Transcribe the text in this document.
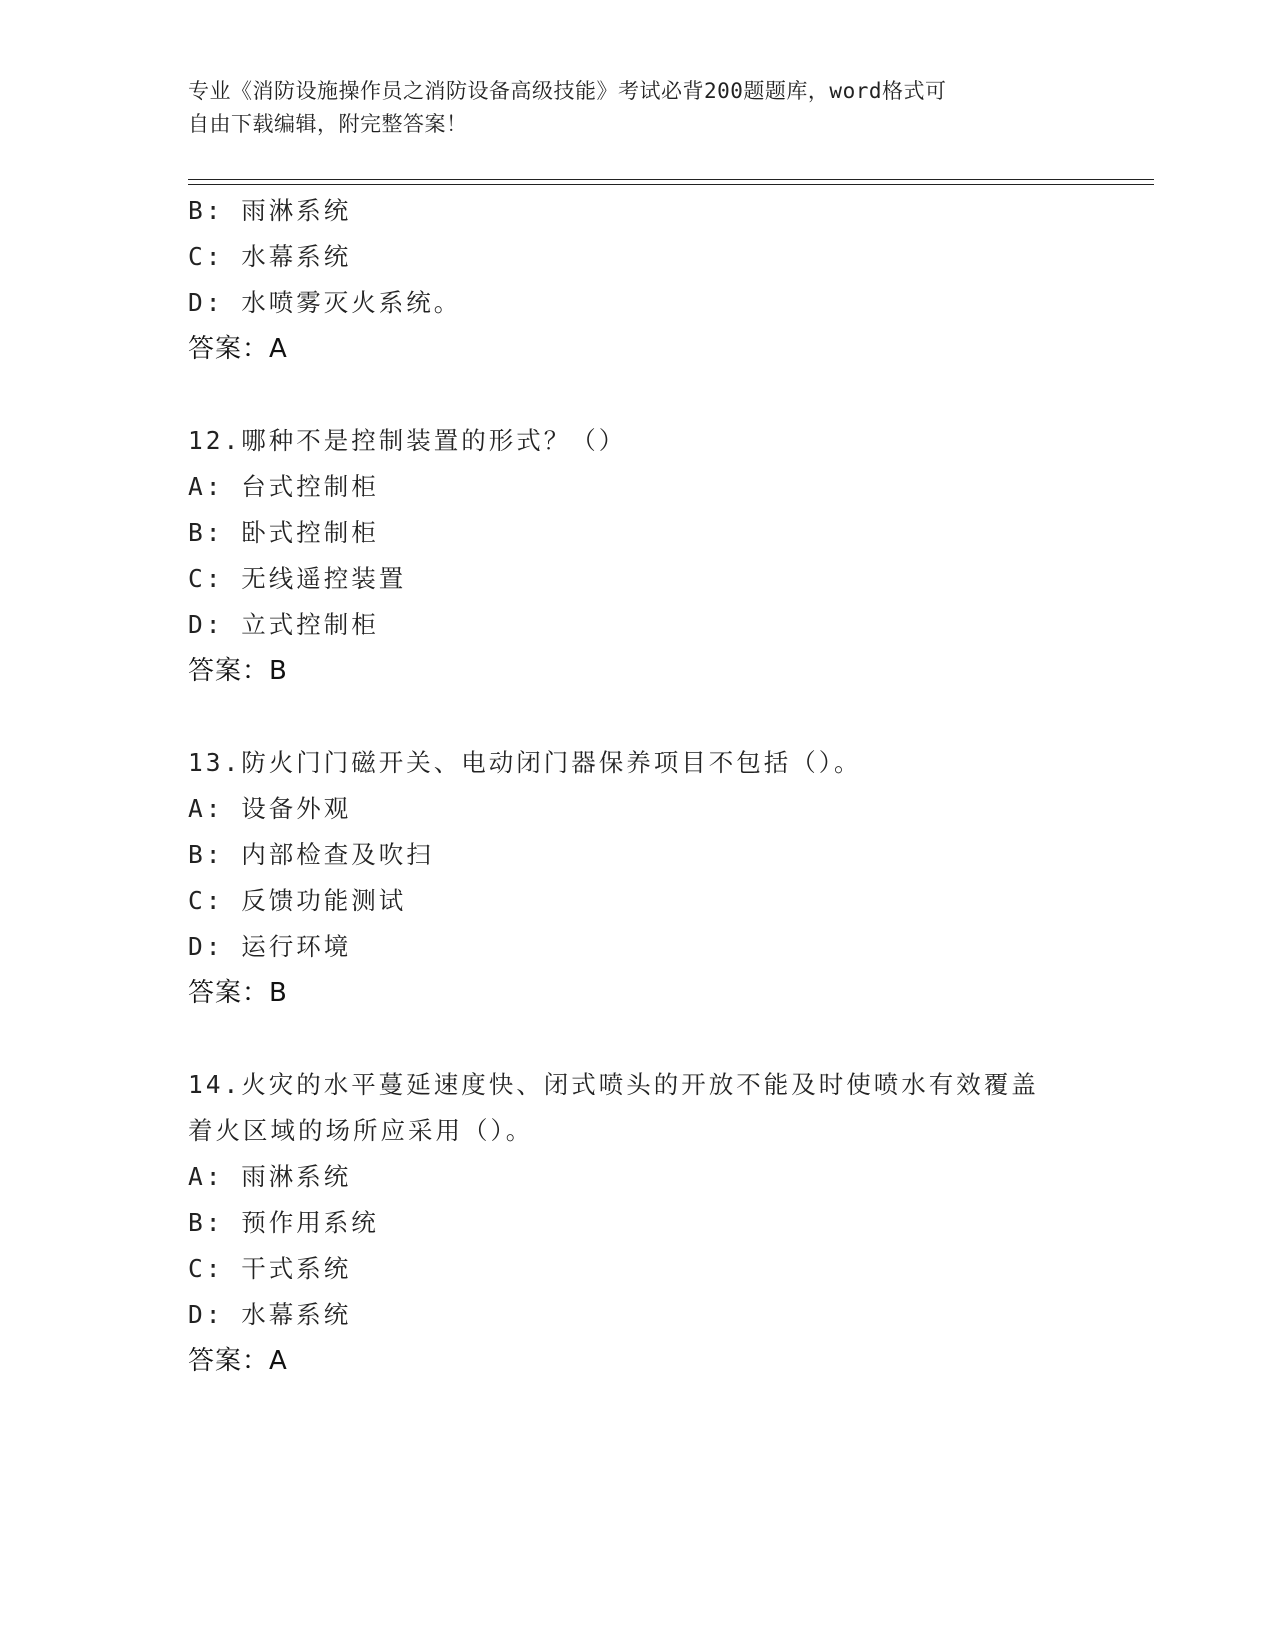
专业《消防设施操作员之消防设备高级技能》考试必背200题题库，word格式可
自由下载编辑，附完整答案！
B: 雨淋系统
C: 水幕系统
D: 水喷雾灭火系统。
答案：A
12.哪种不是控制装置的形式？（）
A: 台式控制柜
B: 卧式控制柜
C: 无线遥控装置
D: 立式控制柜
答案：B
13.防火门门磁开关、电动闭门器保养项目不包括（）。
A: 设备外观
B: 内部检查及吹扫
C: 反馈功能测试
D: 运行环境
答案：B
14.火灾的水平蔓延速度快、闭式喷头的开放不能及时使喷水有效覆盖
着火区域的场所应采用（）。
A: 雨淋系统
B: 预作用系统
C: 干式系统
D: 水幕系统
答案：A
